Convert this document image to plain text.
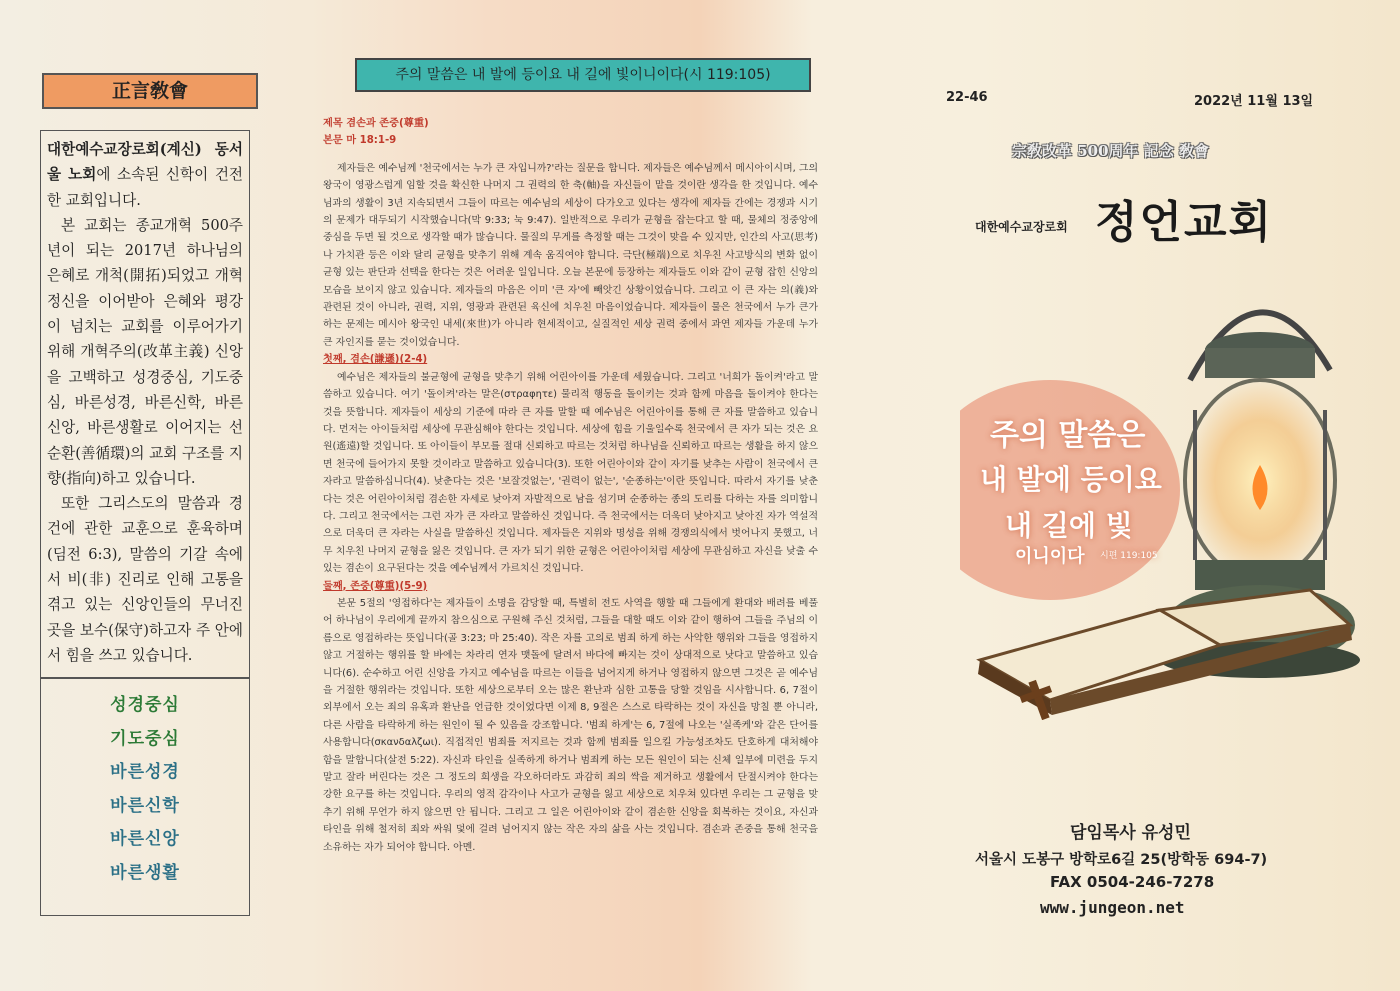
正言敎會

대한예수교장로회(계신) 동서울 노회에 소속된 신학이 건전한 교회입니다.

본 교회는 종교개혁 500주년이 되는 2017년 하나님의 은혜로 개척(開拓)되었고 개혁정신을 이어받아 은혜와 평강이 넘치는 교회를 이루어가기 위해 개혁주의(改革主義) 신앙을 고백하고 성경중심, 기도중심, 바른성경, 바른신학, 바른신앙, 바른생활로 이어지는 선순환(善循環)의 교회 구조를 지향(指向)하고 있습니다.

또한 그리스도의 말씀과 경건에 관한 교훈으로 훈육하며(딤전 6:3), 말씀의 기갈 속에서 비(非) 진리로 인해 고통을 겪고 있는 신앙인들의 무너진 곳을 보수(保守)하고자 주 안에서 힘을 쓰고 있습니다.

성경중심
기도중심
바른성경
바른신학
바른신앙
바른생활
주의 말씀은 내 발에 등이요 내 길에 빛이니이다(시 119:105)

제목 겸손과 존중(尊重)

본문 마 18:1-9

제자들은 예수님께 '천국에서는 누가 큰 자입니까?'라는 질문을 합니다. 제자들은 예수님께서 메시아이시며, 그의 왕국이 영광스럽게 임할 것을 확신한 나머지 그 권력의 한 축(軸)을 자신들이 맡을 것이란 생각을 한 것입니다. 예수님과의 생활이 3년 지속되면서 그들이 따르는 예수님의 세상이 다가오고 있다는 생각에 제자들 간에는 경쟁과 시기의 문제가 대두되기 시작했습니다(막 9:33; 눅 9:47). 일반적으로 우리가 균형을 잡는다고 할 때, 물체의 정중앙에 중심을 두면 될 것으로 생각할 때가 많습니다. 물질의 무게를 측정할 때는 그것이 맞을 수 있지만, 인간의 사고(思考)나 가치관 등은 이와 달리 균형을 맞추기 위해 계속 움직여야 합니다. 극단(極端)으로 치우친 사고방식의 변화 없이 균형 있는 판단과 선택을 한다는 것은 어려운 일입니다. 오늘 본문에 등장하는 제자들도 이와 같이 균형 잡힌 신앙의 모습을 보이지 않고 있습니다. 제자들의 마음은 이미 '큰 자'에 빼앗긴 상황이었습니다. 그리고 이 큰 자는 의(義)와 관련된 것이 아니라, 권력, 지위, 영광과 관련된 육신에 치우친 마음이었습니다. 제자들이 물은 천국에서 누가 큰가 하는 문제는 메시아 왕국인 내세(來世)가 아니라 현세적이고, 실질적인 세상 권력 중에서 과연 제자들 가운데 누가 큰 자인지를 묻는 것이었습니다.

첫째, 겸손(謙遜)(2-4)

예수님은 제자들의 불균형에 균형을 맞추기 위해 어린아이를 가운데 세웠습니다. 그리고 '너희가 돌이켜'라고 말씀하고 있습니다. 여기 '돌이켜'라는 말은(στραφητε) 물리적 행동을 돌이키는 것과 함께 마음을 돌이켜야 한다는 것을 뜻합니다. 제자들이 세상의 기준에 따라 큰 자를 말할 때 예수님은 어린아이를 통해 큰 자를 말씀하고 있습니다. 먼저는 아이들처럼 세상에 무관심해야 한다는 것입니다. 세상에 힘을 기울일수록 천국에서 큰 자가 되는 것은 요원(遙遠)할 것입니다. 또 아이들이 부모를 절대 신뢰하고 따르는 것처럼 하나님을 신뢰하고 따르는 생활을 하지 않으면 천국에 들어가지 못할 것이라고 말씀하고 있습니다(3). 또한 어린아이와 같이 자기를 낮추는 사람이 천국에서 큰 자라고 말씀하십니다(4). 낮춘다는 것은 '보잘것없는', '권력이 없는', '순종하는'이란 뜻입니다. 따라서 자기를 낮춘다는 것은 어린아이처럼 겸손한 자세로 낮아져 자발적으로 남을 섬기며 순종하는 종의 도리를 다하는 자를 의미합니다. 그리고 천국에서는 그런 자가 큰 자라고 말씀하신 것입니다. 즉 천국에서는 더욱더 낮아지고 낮아진 자가 역설적으로 더욱더 큰 자라는 사실을 말씀하신 것입니다. 제자들은 지위와 명성을 위해 경쟁의식에서 벗어나지 못했고, 너무 치우친 나머지 균형을 잃은 것입니다. 큰 자가 되기 위한 균형은 어린아이처럼 세상에 무관심하고 자신을 낮출 수 있는 겸손이 요구된다는 것을 예수님께서 가르치신 것입니다.

둘째, 존중(尊重)(5-9)

본문 5절의 '영접하다'는 제자들이 소명을 감당할 때, 특별히 전도 사역을 행할 때 그들에게 환대와 배려를 베풀어 하나님이 우리에게 끝까지 참으심으로 구원해 주신 것처럼, 그들을 대할 때도 이와 같이 행하여 그들을 주님의 이름으로 영접하라는 뜻입니다(골 3:23; 마 25:40). 작은 자를 고의로 범죄 하게 하는 사악한 행위와 그들을 영접하지 않고 거절하는 행위를 할 바에는 차라리 연자 맷돌에 달려서 바다에 빠지는 것이 상대적으로 낫다고 말씀하고 있습니다(6). 순수하고 어린 신앙을 가지고 예수님을 따르는 이들을 넘어지게 하거나 영접하지 않으면 그것은 곧 예수님을 거절한 행위라는 것입니다. 또한 세상으로부터 오는 많은 환난과 심한 고통을 당할 것임을 시사합니다. 6, 7절이 외부에서 오는 죄의 유혹과 환난을 언급한 것이었다면 이제 8, 9절은 스스로 타락하는 것이 자신을 망칠 뿐 아니라, 다른 사람을 타락하게 하는 원인이 될 수 있음을 강조합니다. '범죄 하게'는 6, 7절에 나오는 '실족케'와 같은 단어를 사용합니다(σκανδαλζωι). 직접적인 범죄를 저지르는 것과 함께 범죄를 일으킬 가능성조차도 단호하게 대처해야 함을 말합니다(살전 5:22). 자신과 타인을 실족하게 하거나 범죄케 하는 모든 원인이 되는 신체 일부에 미련을 두지 말고 잘라 버린다는 것은 그 정도의 희생을 각오하더라도 과감히 죄의 싹을 제거하고 생활에서 단절시켜야 한다는 강한 요구를 하는 것입니다. 우리의 영적 감각이나 사고가 균형을 잃고 세상으로 치우쳐 있다면 우리는 그 균형을 맞추기 위해 무언가 하지 않으면 안 됩니다. 그리고 그 일은 어린아이와 같이 겸손한 신앙을 회복하는 것이요, 자신과 타인을 위해 철저히 죄와 싸워 덫에 걸려 넘어지지 않는 작은 자의 삶을 사는 것입니다. 겸손과 존중을 통해 천국을 소유하는 자가 되어야 합니다. 아멘.

22-46	2022년 11월 13일
宗敎改革 500周年 記念 敎會
대한예수교장로회 정언교회
주의 말씀은
내 발에 등이요
내 길에 빛
이니이다 시편 119:105
담임목사 유성민
서울시 도봉구 방학로6길 25(방학동 694-7)
FAX 0504-246-7278
www.jungeon.net
